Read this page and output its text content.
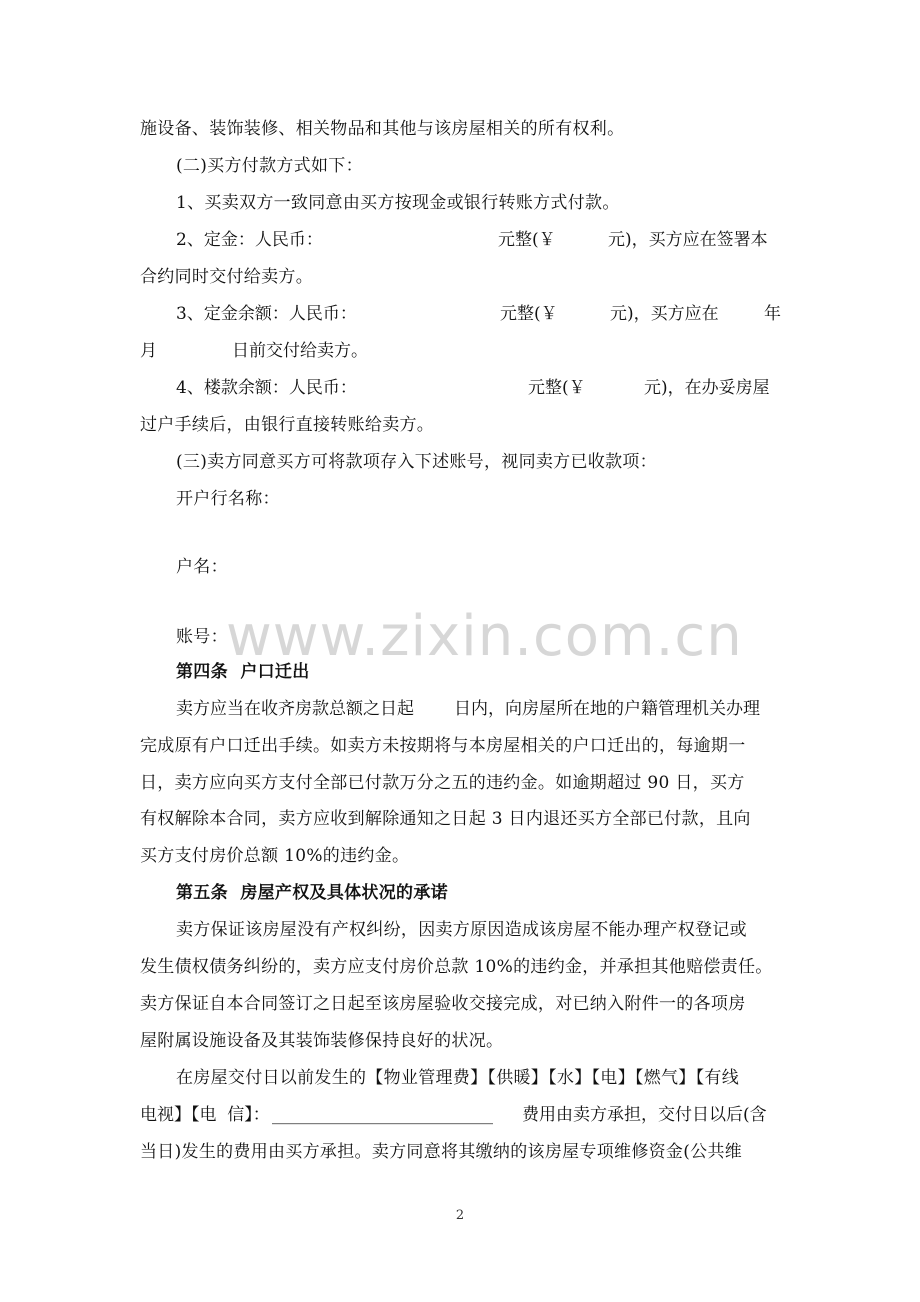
www.zixin.com.cn
施设备、装饰装修、相关物品和其他与该房屋相关的所有权利。
(二)买方付款方式如下：
1、买卖双方一致同意由买方按现金或银行转账方式付款。
2、定金：人民币：	元整(￥	元)，买方应在签署本
合约同时交付给卖方。
3、定金余额：人民币：	元整(￥	元)，买方应在	年
月	日前交付给卖方。
4、楼款余额：人民币：	元整(￥	元)，在办妥房屋
过户手续后，由银行直接转账给卖方。
(三)卖方同意买方可将款项存入下述账号，视同卖方已收款项：
开户行名称：
户名：
账号：
第四条  户口迁出
卖方应当在收齐房款总额之日起 日内，向房屋所在地的户籍管理机关办理
完成原有户口迁出手续。如卖方未按期将与本房屋相关的户口迁出的，每逾期一
日，卖方应向买方支付全部已付款万分之五的违约金。如逾期超过 90 日，买方
有权解除本合同，卖方应收到解除通知之日起 3 日内退还买方全部已付款，且向
买方支付房价总额 10%的违约金。
第五条  房屋产权及具体状况的承诺
卖方保证该房屋没有产权纠纷，因卖方原因造成该房屋不能办理产权登记或
发生债权债务纠纷的，卖方应支付房价总款 10%的违约金，并承担其他赔偿责任。
卖方保证自本合同签订之日起至该房屋验收交接完成，对已纳入附件一的各项房
屋附属设施设备及其装饰装修保持良好的状况。
在房屋交付日以前发生的【物业管理费】【供暖】【水】【电】【燃气】【有线
电视】【电  信】： __________________________ 费用由卖方承担，交付日以后(含
当日)发生的费用由买方承担。卖方同意将其缴纳的该房屋专项维修资金(公共维
2
